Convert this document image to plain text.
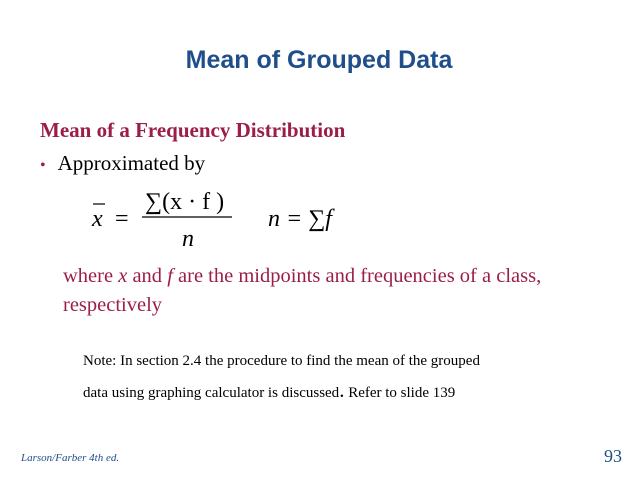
Mean of Grouped Data
Mean of a Frequency Distribution
• Approximated by
x =
∑(x · f )
n
n = ∑f
where x and f are the midpoints and frequencies of a class, respectively
Note: In section 2.4 the procedure to find the mean of the grouped
data using graphing calculator is discussed. Refer to slide 139
Larson/Farber 4th ed.	93
